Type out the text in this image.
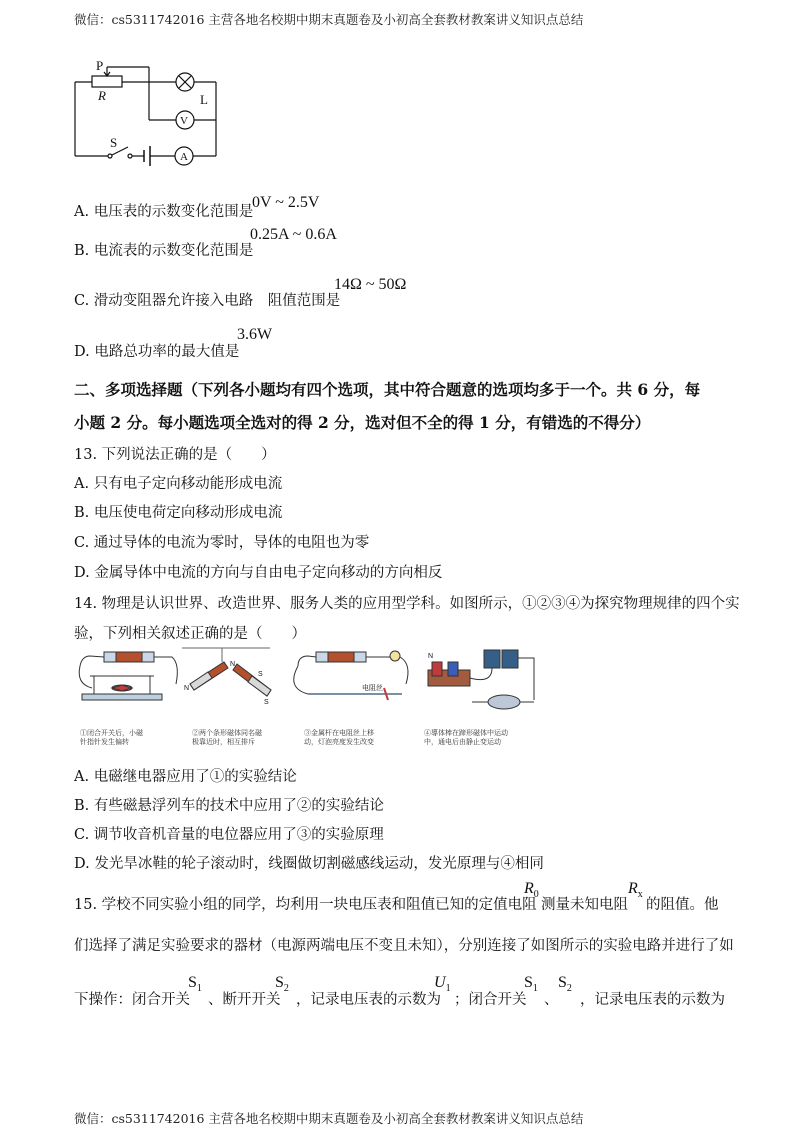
微信：cs5311742016 主营各地名校期中期末真题卷及小初高全套教材教案讲义知识点总结
P
R	L
S
V
A
A. 电压表的示数变化范围是
0V ~ 2.5V
B. 电流表的示数变化范围是
0.25A ~ 0.6A
C. 滑动变阻器允许接入电路　阻值范围是
14Ω ~ 50Ω
D. 电路总功率的最大值是
3.6W
二、多项选择题（下列各小题均有四个选项，其中符合题意的选项均多于一个。共 6 分，每
小题 2 分。每小题选项全选对的得 2 分，选对但不全的得 1 分，有错选的不得分）
13. 下列说法正确的是（　　）
A. 只有电子定向移动能形成电流
B. 电压使电荷定向移动形成电流
C. 通过导体的电流为零时，导体的电阻也为零
D. 金属导体中电流的方向与自由电子定向移动的方向相反
14. 物理是认识世界、改造世界、服务人类的应用型学科。如图所示，①②③④为探究物理规律的四个实
验，下列相关叙述正确的是（　　）
N
S
N
S
电阻丝
N
①闭合开关后，小磁
针指针发生偏转
②两个条形磁体同名磁
极靠近时，相互排斥
③金属杆在电阻丝上移
动，灯泡亮度发生改变
④導体棒在蹄形磁体中运动
中，通电后由静止变运动
A. 电磁继电器应用了①的实验结论
B. 有些磁悬浮列车的技术中应用了②的实验结论
C. 调节收音机音量的电位器应用了③的实验原理
D. 发光旱冰鞋的轮子滚动时，线圈做切割磁感线运动，发光原理与④相同
15. 学校不同实验小组的同学，均利用一块电压表和阻值已知的定值电阻
$R_0$
测量未知电阻
$R_x$
的阻值。他
们选择了满足实验要求的器材（电源两端电压不变且未知），分别连接了如图所示的实验电路并进行了如
下操作：闭合开关
$S_1$
、断开开关
$S_2$
，记录电压表的示数为
$U_1$
；闭合开关
$S_1$
、
$S_2$
，记录电压表的示数为
微信：cs5311742016 主营各地名校期中期末真题卷及小初高全套教材教案讲义知识点总结
